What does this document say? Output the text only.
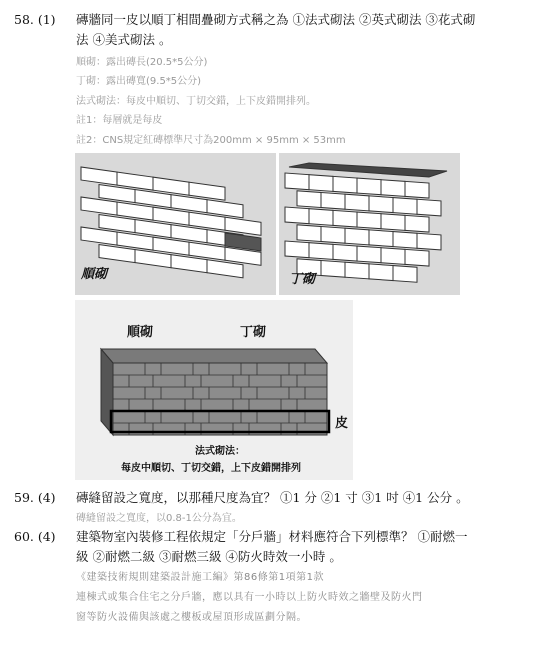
58. (1)	磚牆同一皮以順丁相間疊砌方式稱之為 ①法式砌法 ②英式砌法 ③花式砌
法 ④美式砌法 。
順砌：露出磚長(20.5*5公分)
丁砌：露出磚寬(9.5*5公分)
法式砌法：每皮中順切、丁切交錯，上下皮錯開排列。
註1：每層就是每皮
註2：CNS規定紅磚標準尺寸為200mm × 95mm × 53mm
順砌	丁砌
順砌	丁砌
皮
法式砌法：
每皮中順切、丁切交錯，上下皮錯開排列
59. (4)	磚縫留設之寬度，以那種尺度為宜？ ①1 分 ②1 寸 ③1 吋 ④1 公分 。
磚縫留設之寬度，以0.8-1公分為宜。
60. (4)	建築物室內裝修工程依規定「分戶牆」材料應符合下列標準？ ①耐燃一
級 ②耐燃二級 ③耐燃三級 ④防火時效一小時 。
《建築技術規則建築設計施工編》第86條第1項第1款
連棟式或集合住宅之分戶牆，應以具有一小時以上防火時效之牆壁及防火門
窗等防火設備與該處之樓板或屋頂形成區劃分隔。
